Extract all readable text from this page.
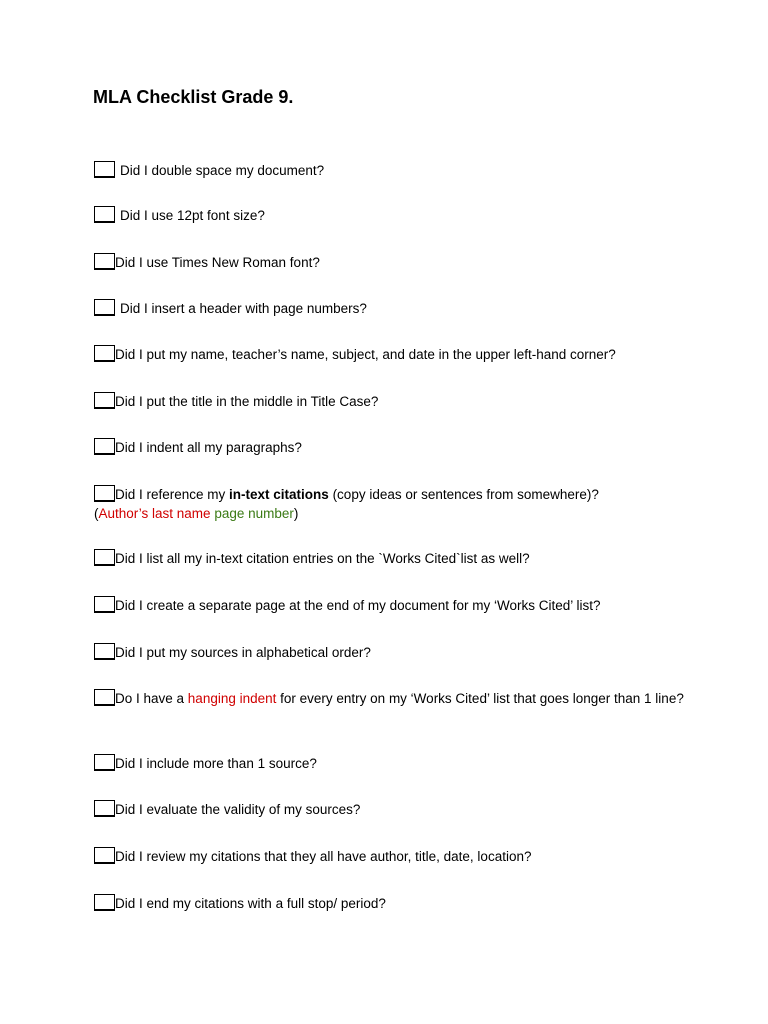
MLA Checklist Grade 9.
Did I double space my document?
Did I use 12pt font size?
Did I use Times New Roman font?
Did I insert a header with page numbers?
Did I put my name, teacher’s name, subject, and date in the upper left-hand corner?
Did I put the title in the middle in Title Case?
Did I indent all my paragraphs?
Did I reference my in-text citations (copy ideas or sentences from somewhere)?
(Author’s last name page number)
Did I list all my in-text citation entries on the `Works Cited`list as well?
Did I create a separate page at the end of my document for my ‘Works Cited’ list?
Did I put my sources in alphabetical order?
Do I have a hanging indent for every entry on my ‘Works Cited’ list that goes longer than 1 line?
Did I include more than 1 source?
Did I evaluate the validity of my sources?
Did I review my citations that they all have author, title, date, location?
Did I end my citations with a full stop/ period?
